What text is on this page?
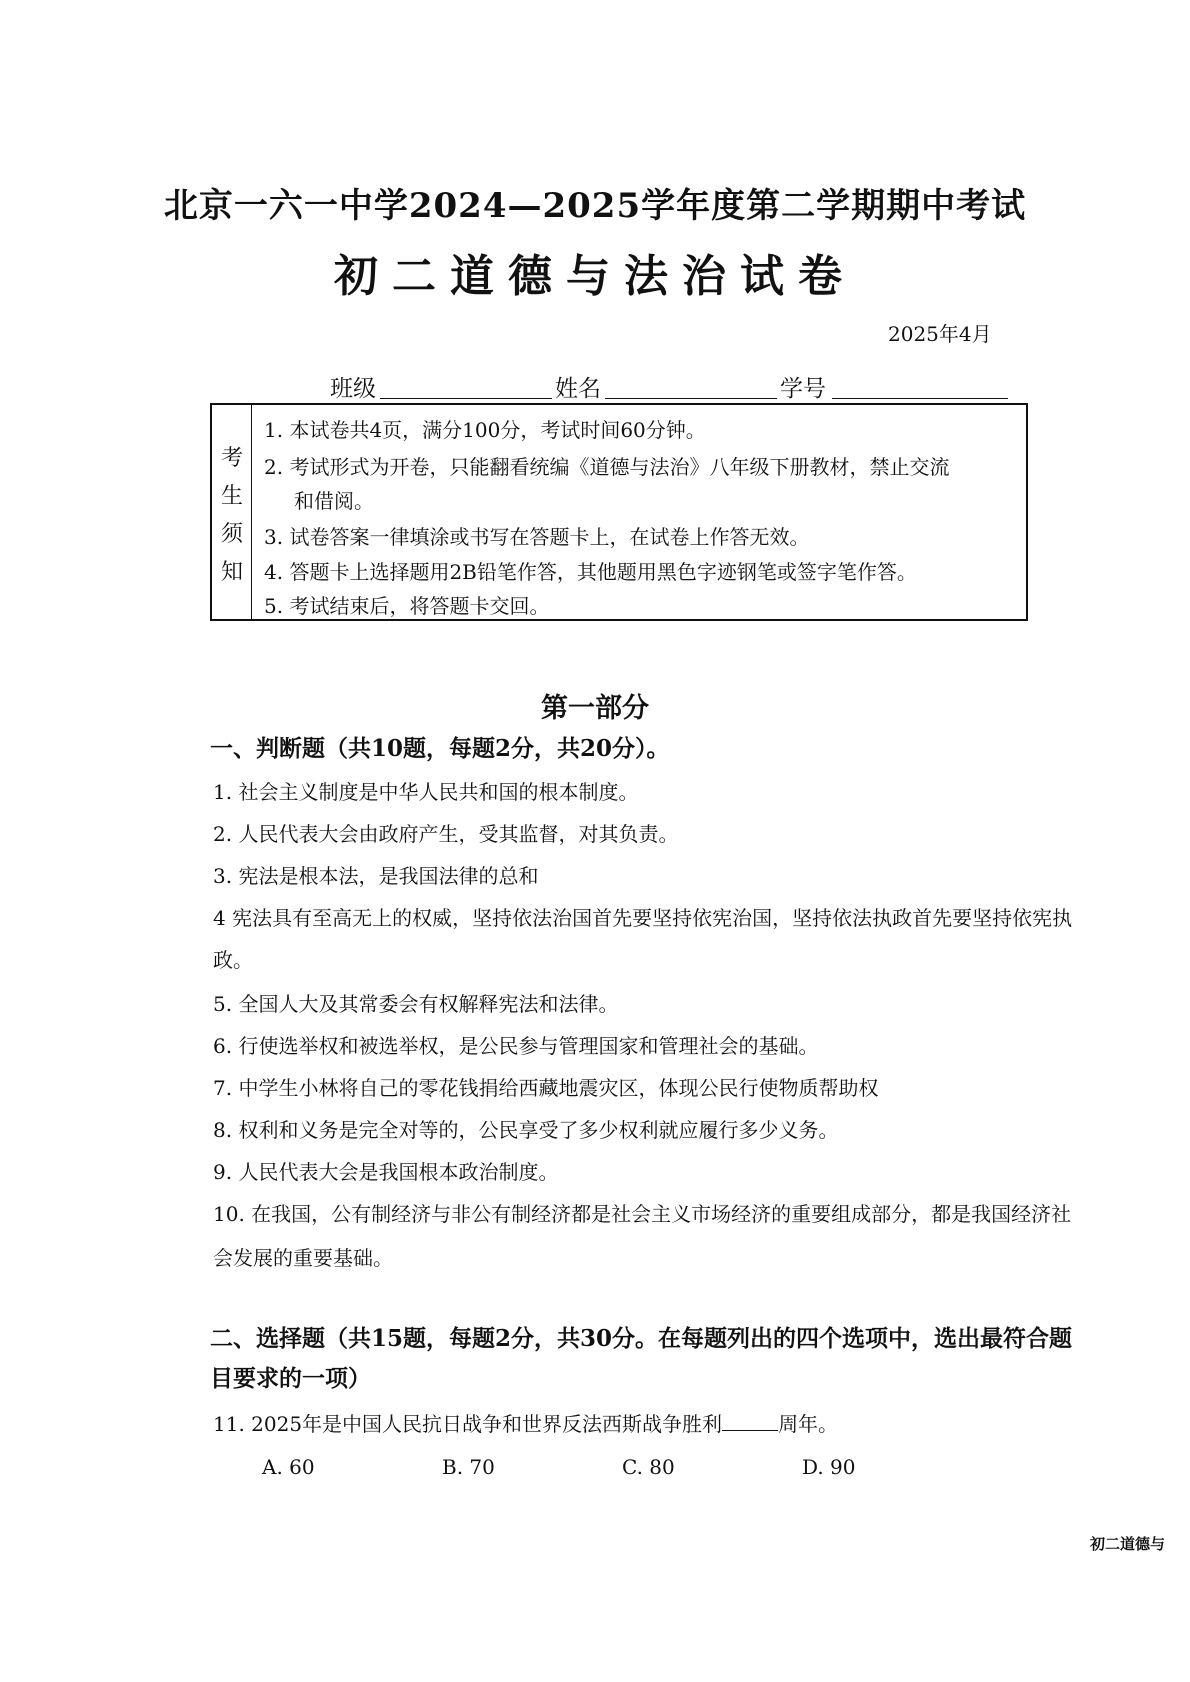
北京一六一中学2024—2025学年度第二学期期中考试
初二道德与法治试卷
2025年4月
班级	姓名	学号
考
生
须
知
1. 本试卷共4页，满分100分，考试时间60分钟。
2. 考试形式为开卷，只能翻看统编《道德与法治》八年级下册教材，禁止交流
和借阅。
3. 试卷答案一律填涂或书写在答题卡上，在试卷上作答无效。
4. 答题卡上选择题用2B铅笔作答，其他题用黑色字迹钢笔或签字笔作答。
5. 考试结束后，将答题卡交回。
第一部分
一、判断题（共10题，每题2分，共20分）。
1. 社会主义制度是中华人民共和国的根本制度。
2. 人民代表大会由政府产生，受其监督，对其负责。
3. 宪法是根本法，是我国法律的总和
4 宪法具有至高无上的权威，坚持依法治国首先要坚持依宪治国，坚持依法执政首先要坚持依宪执
政。
5. 全国人大及其常委会有权解释宪法和法律。
6. 行使选举权和被选举权，是公民参与管理国家和管理社会的基础。
7. 中学生小林将自己的零花钱捐给西藏地震灾区，体现公民行使物质帮助权
8. 权利和义务是完全对等的，公民享受了多少权利就应履行多少义务。
9. 人民代表大会是我国根本政治制度。
10. 在我国，公有制经济与非公有制经济都是社会主义市场经济的重要组成部分，都是我国经济社
会发展的重要基础。
二、选择题（共15题，每题2分，共30分。在每题列出的四个选项中，选出最符合题
目要求的一项）
11. 2025年是中国人民抗日战争和世界反法西斯战争胜利	周年。
A. 60	B. 70	C. 80	D. 90
初二道德与
